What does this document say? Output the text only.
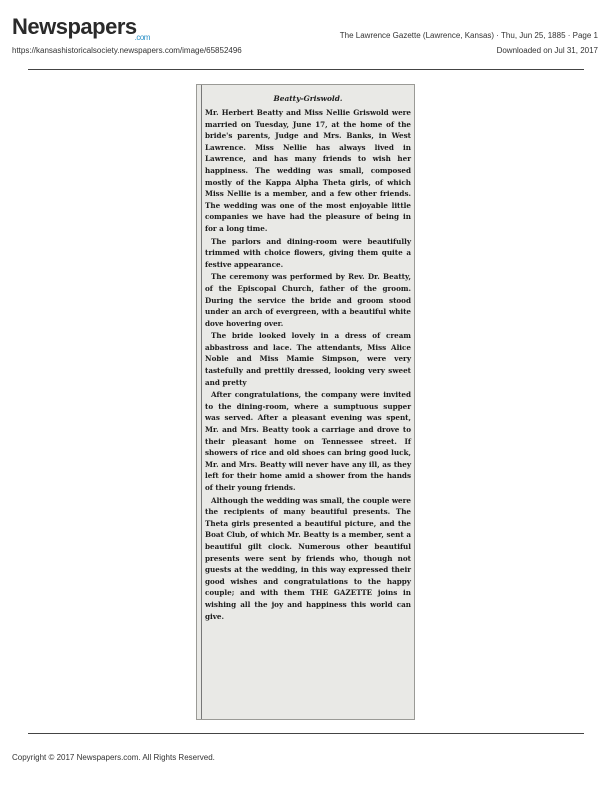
Newspapers$_{.com}$	The Lawrence Gazette (Lawrence, Kansas) · Thu, Jun 25, 1885 · Page 1
https://kansashistoricalsociety.newspapers.com/image/65852496	Downloaded on Jul 31, 2017
Beatty-Griswold.

Mr. Herbert Beatty and Miss Nellie Griswold were married on Tuesday, June 17, at the home of the bride's parents, Judge and Mrs. Banks, in West Lawrence. Miss Nellie has always lived in Lawrence, and has many friends to wish her happiness. The wedding was small, composed mostly of the Kappa Alpha Theta girls, of which Miss Nellie is a member, and a few other friends. The wedding was one of the most enjoyable little companies we have had the pleasure of being in for a long time.

The parlors and dining-room were beautifully trimmed with choice flowers, giving them quite a festive appearance.

The ceremony was performed by Rev. Dr. Beatty, of the Episcopal Church, father of the groom. During the service the bride and groom stood under an arch of evergreen, with a beautiful white dove hovering over.

The bride looked lovely in a dress of cream abbastross and lace. The attendants, Miss Alice Noble and Miss Mamie Simpson, were very tastefully and prettily dressed, looking very sweet and pretty

After congratulations, the company were invited to the dining-room, where a sumptuous supper was served. After a pleasant evening was spent, Mr. and Mrs. Beatty took a carriage and drove to their pleasant home on Tennessee street. If showers of rice and old shoes can bring good luck, Mr. and Mrs. Beatty will never have any ill, as they left for their home amid a shower from the hands of their young friends.

Although the wedding was small, the couple were the recipients of many beautiful presents. The Theta girls presented a beautiful picture, and the Boat Club, of which Mr. Beatty is a member, sent a beautiful gilt clock. Numerous other beautiful presents were sent by friends who, though not guests at the wedding, in this way expressed their good wishes and congratulations to the happy couple; and with them THE GAZETTE joins in wishing all the joy and happiness this world can give.

Copyright © 2017 Newspapers.com. All Rights Reserved.
